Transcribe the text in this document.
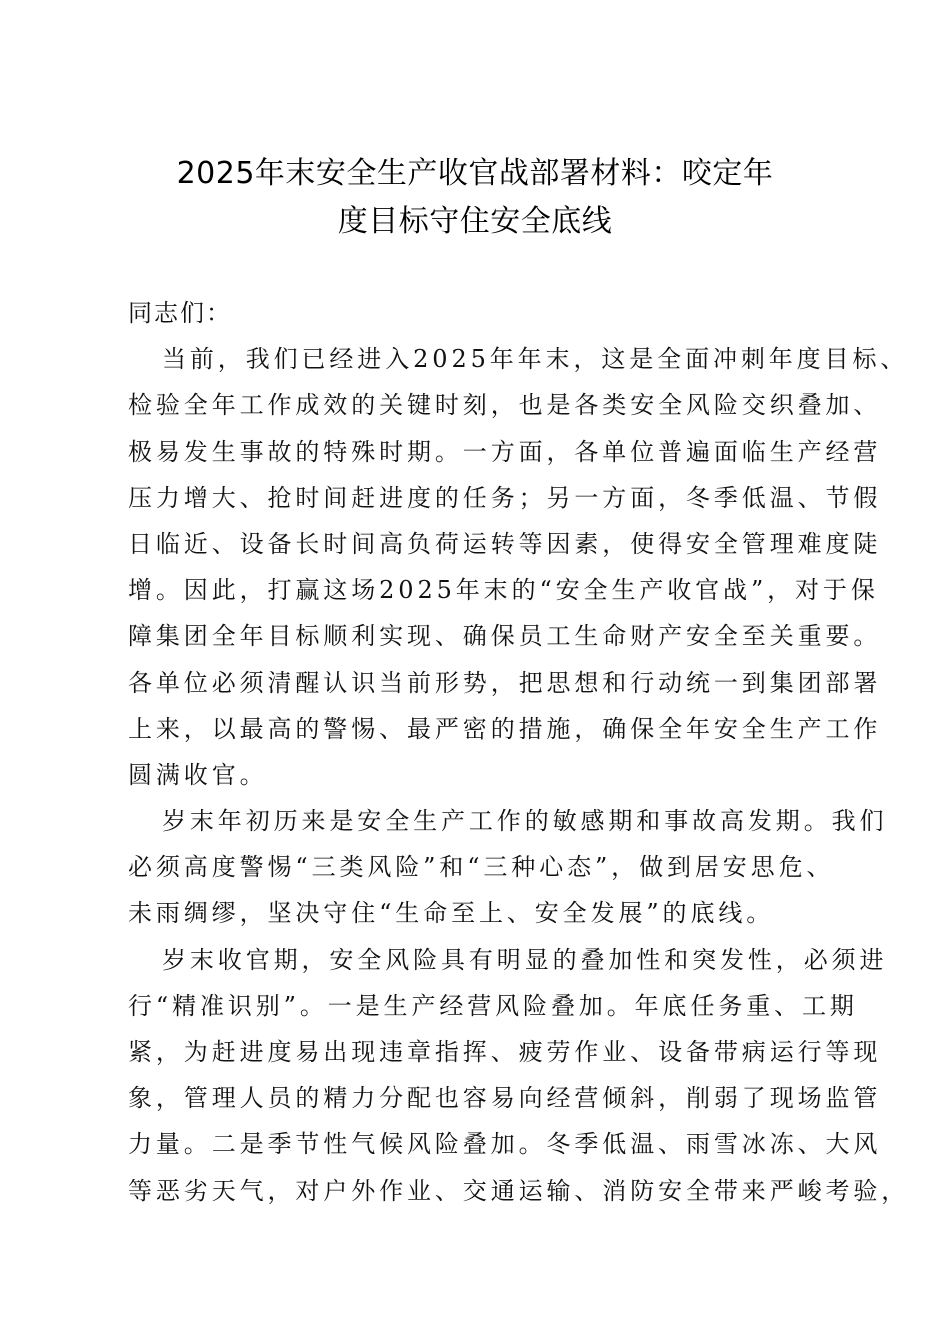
2025年末安全生产收官战部署材料：咬定年
度目标守住安全底线
同志们：
当前，我们已经进入2025年年末，这是全面冲刺年度目标、
检验全年工作成效的关键时刻，也是各类安全风险交织叠加、
极易发生事故的特殊时期。一方面，各单位普遍面临生产经营
压力增大、抢时间赶进度的任务；另一方面，冬季低温、节假
日临近、设备长时间高负荷运转等因素，使得安全管理难度陡
增。因此，打赢这场2025年末的“安全生产收官战”，对于保
障集团全年目标顺利实现、确保员工生命财产安全至关重要。
各单位必须清醒认识当前形势，把思想和行动统一到集团部署
上来，以最高的警惕、最严密的措施，确保全年安全生产工作
圆满收官。
岁末年初历来是安全生产工作的敏感期和事故高发期。我们
必须高度警惕“三类风险”和“三种心态”，做到居安思危、
未雨绸缪，坚决守住“生命至上、安全发展”的底线。
岁末收官期，安全风险具有明显的叠加性和突发性，必须进
行“精准识别”。一是生产经营风险叠加。年底任务重、工期
紧，为赶进度易出现违章指挥、疲劳作业、设备带病运行等现
象，管理人员的精力分配也容易向经营倾斜，削弱了现场监管
力量。二是季节性气候风险叠加。冬季低温、雨雪冰冻、大风
等恶劣天气，对户外作业、交通运输、消防安全带来严峻考验，
